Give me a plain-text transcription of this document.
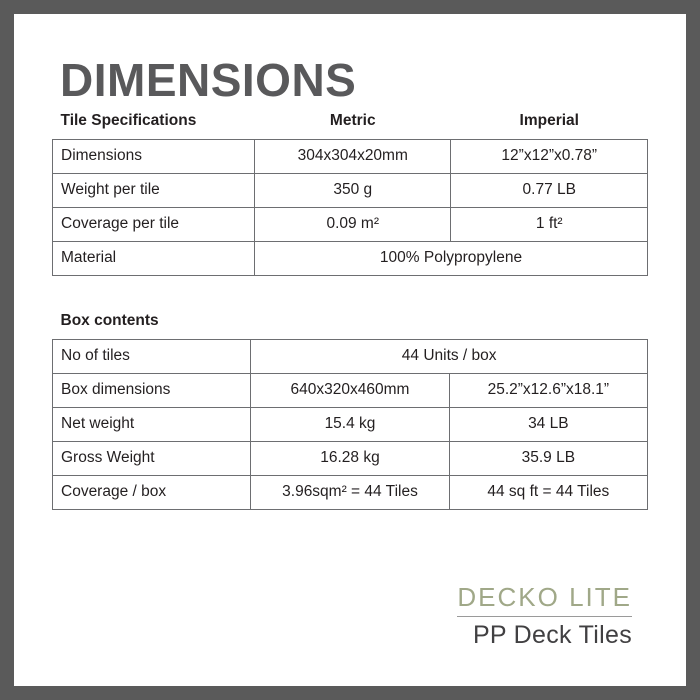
DIMENSIONS
Tile Specifications	Metric	Imperial
Dimensions	304x304x20mm	12”x12”x0.78”
Weight per tile	350 g	0.77 LB
Coverage per tile	0.09 m²	1 ft²
Material	100% Polypropylene	
Box contents		
No of tiles	44 Units / box	
Box dimensions	640x320x460mm	25.2”x12.6”x18.1”
Net weight	15.4 kg	34 LB
Gross Weight	16.28 kg	35.9 LB
Coverage / box	3.96sqm² = 44 Tiles	44 sq ft = 44 Tiles
DECKO LITE
PP Deck Tiles
